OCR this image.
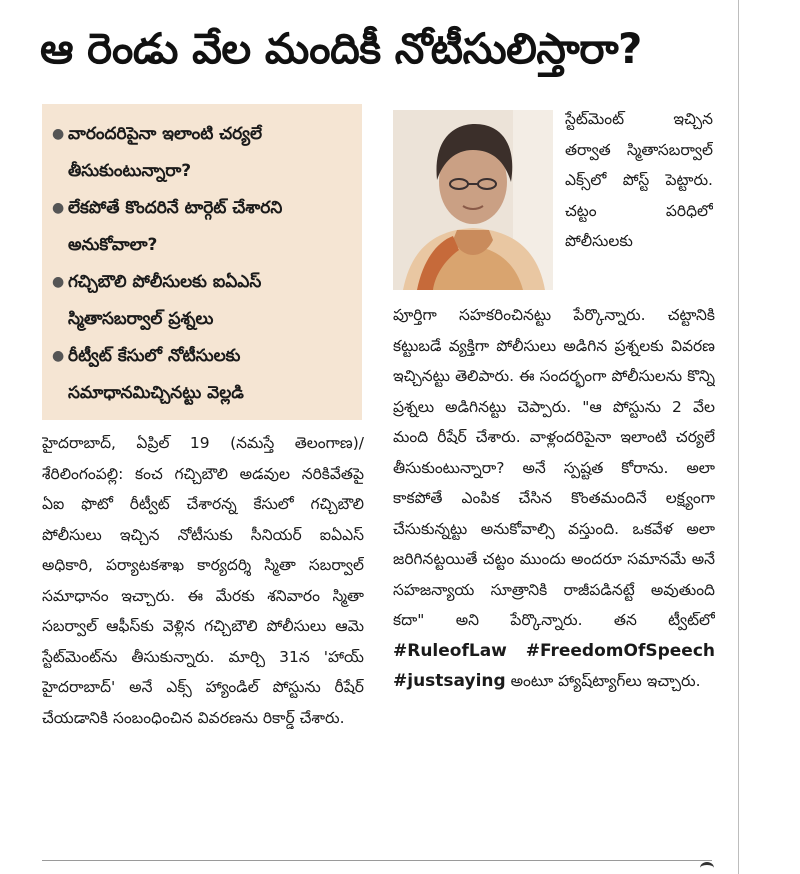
ఆ రెండు వేల మందికీ నోటీసులిస్తారా?
● వారందరిపైనా ఇలాంటి చర్యలే తీసుకుంటున్నారా?
● లేకపోతే కొందరినే టార్గెట్ చేశారని అనుకోవాలా?
● గచ్చిబౌలి పోలీసులకు ఐఏఎస్ స్మితాసబర్వాల్ ప్రశ్నలు
● రీట్వీట్ కేసులో నోటీసులకు సమాధానమిచ్చినట్టు వెల్లడి
హైదరాబాద్, ఏప్రిల్ 19 (నమస్తే తెలంగాణ)/శేరిలింగంపల్లి: కంచ గచ్చిబౌలి అడవుల నరికివేతపై ఏఐ ఫొటో రీట్వీట్ చేశారన్న కేసులో గచ్చిబౌలి పోలీసులు ఇచ్చిన నోటీసుకు సీనియర్ ఐఏఎస్ అధికారి, పర్యాటకశాఖ కార్యదర్శి స్మితా సబర్వాల్ సమాధానం ఇచ్చారు. ఈ మేరకు శనివారం స్మితా సబర్వాల్ ఆఫీస్‌కు వెళ్లిన గచ్చిబౌలి పోలీసులు ఆమె స్టేట్‌మెంట్‌ను తీసుకున్నారు. మార్చి 31న 'హాయ్ హైదరాబాద్' అనే ఎక్స్ హ్యాండిల్ పోస్టును రీషేర్ చేయడానికి సంబంధించిన వివరణను రికార్డ్ చేశారు.
స్టేట్‌మెంట్ ఇచ్చిన తర్వాత స్మితాసబర్వాల్ ఎక్స్‌లో పోస్ట్ పెట్టారు. చట్టం పరిధిలో పోలీసులకు
పూర్తిగా సహకరించినట్టు పేర్కొన్నారు. చట్టానికి కట్టుబడే వ్యక్తిగా పోలీసులు అడిగిన ప్రశ్నలకు వివరణ ఇచ్చినట్టు తెలిపారు. ఈ సందర్భంగా పోలీసులను కొన్ని ప్రశ్నలు అడిగినట్టు చెప్పారు. "ఆ పోస్టును 2 వేల మంది రీషేర్ చేశారు. వాళ్లందరిపైనా ఇలాంటి చర్యలే తీసుకుంటున్నారా? అనే స్పష్టత కోరాను. అలా కాకపోతే ఎంపిక చేసిన కొంతమందినే లక్ష్యంగా చేసుకున్నట్టు అనుకోవాల్సి వస్తుంది. ఒకవేళ అలా జరిగినట్టయితే చట్టం ముందు అందరూ సమానమే అనే సహజన్యాయ సూత్రానికి రాజీపడినట్టే అవుతుంది కదా" అని పేర్కొన్నారు. తన ట్వీట్‌లో #RuleofLaw #FreedomOfSpeech #justsaying అంటూ హ్యాష్‌ట్యాగ్‌లు ఇచ్చారు.
